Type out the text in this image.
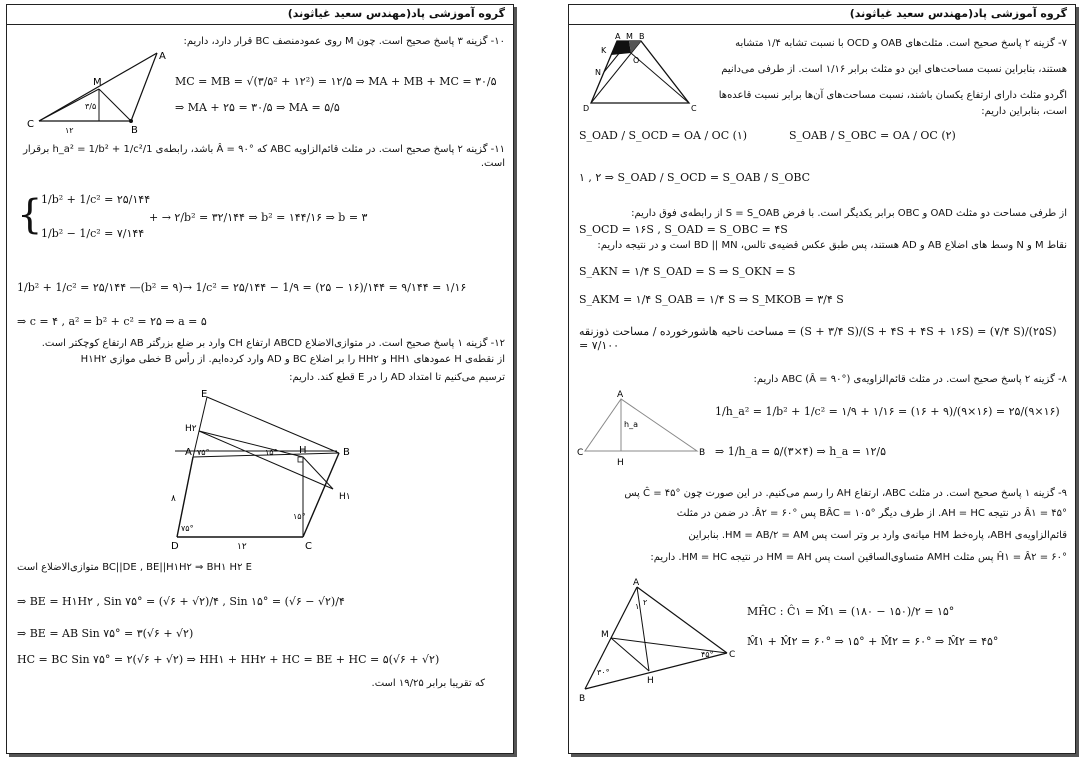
گروه آموزشی پاد(مهندس سعید غیاثوند)
۱۰- گزینه ۳ پاسخ صحیح است. چون M روی عمودمنصف BC قرار دارد، داریم:
A
M
C
B
۳/۵
۱۲
MC = MB = √(۳/۵² + ۱۲²) = ۱۲/۵ ⇒ MA + MB + MC = ۳۰/۵
⇒ MA + ۲۵ = ۳۰/۵ ⇒ MA = ۵/۵
۱۱- گزینه ۲ پاسخ صحیح است. در مثلث قائم‌الزاویه ABC که Â = ۹۰° باشد، رابطه‌ی 1/h_a² = 1/b² + 1/c² برقرار است.
{
1/b² + 1/c² = ۲۵/۱۴۴
1/b² − 1/c² = ۷/۱۴۴
+ → ۲/b² = ۳۲/۱۴۴ ⇒ b² = ۱۴۴/۱۶ ⇒ b = ۳
1/b² + 1/c² = ۲۵/۱۴۴ —(b² = ۹)→ 1/c² = ۲۵/۱۴۴ − 1/۹ = (۲۵ − ۱۶)/۱۴۴ = ۹/۱۴۴ = ۱/۱۶
⇒ c = ۴ , a² = b² + c² = ۲۵ ⇒ a = ۵
۱۲- گزینه ۱ پاسخ صحیح است. در متوازی‌الاضلاع ABCD ارتفاع CH وارد بر ضلع بزرگتر AB ارتفاع کوچکتر است.
از نقطه‌ی H عمودهای HH۱ و HH۲ را بر اضلاع BC و AD وارد کرده‌ایم. از رأس B خطی موازی H۱H۲
ترسیم می‌کنیم تا امتداد AD را در E قطع کند. داریم:
E
H۲
A ۷۵°	۱۵° H	B
H۱
۸
۷۵°
۱۵°
D	C
۱۲
BC||DE , BE||H۱H۲ ⇒ BH۱ H۲ E متوازی‌الاضلاع است
⇒ BE = H۱H۲ , Sin ۷۵° = (√۶ + √۲)/۴ , Sin ۱۵° = (√۶ − √۲)/۴
⇒ BE = AB Sin ۷۵° = ۳(√۶ + √۲)
HC = BC Sin ۷۵° = ۲(√۶ + √۲) ⇒ HH۱ + HH۲ + HC = BE + HC = ۵(√۶ + √۲)
که تقریبا برابر ۱۹/۲۵ است.
گروه آموزشی پاد(مهندس سعید غیاثوند)
A M B
K
N
O
D	C
۷- گزینه ۲ پاسخ صحیح است. مثلث‌های OAB و OCD با نسبت تشابه ۱/۴ متشابه
هستند، بنابراین نسبت مساحت‌های این دو مثلث برابر ۱/۱۶ است. از طرفی می‌دانیم
اگردو مثلث دارای ارتفاع یکسان باشند، نسبت مساحت‌های آن‌ها برابر نسبت قاعده‌ها
است، بنابراین داریم:
S_OAD / S_OCD = OA / OC (۱)	S_OAB / S_OBC = OA / OC (۲)
۱ , ۲ ⇒ S_OAD / S_OCD = S_OAB / S_OBC
از طرفی مساحت دو مثلث OAD و OBC برابر یکدیگر است. با فرض S = S_OAB از رابطه‌ی فوق داریم:
S_OCD = ۱۶S , S_OAD = S_OBC = ۴S
نقاط M و N وسط های اضلاع AB و AD هستند، پس طبق عکس قضیه‌ی تالس، BD || MN است و در نتیجه داریم:
S_AKN = ۱/۴ S_OAD = S ⇒ S_OKN = S
S_AKM = ۱/۴ S_OAB = ۱/۴ S ⇒ S_MKOB = ۳/۴ S
مساحت ناحیه هاشورخورده / مساحت ذوزنقه = (S + ۳/۴ S)/(S + ۴S + ۴S + ۱۶S) = (۷/۴ S)/(۲۵S) = ۷/۱۰۰
۸- گزینه ۲ پاسخ صحیح است. در مثلث قائم‌الزاویه‌ی ABC (Â = ۹۰°) داریم:
A
C	B
H
h_a
1/h_a² = 1/b² + 1/c² = ۱/۹ + ۱/۱۶ = (۱۶ + ۹)/(۹×۱۶) = ۲۵/(۹×۱۶)
⇒ 1/h_a = ۵/(۳×۴) ⇒ h_a = ۱۲/۵
۹- گزینه ۱ پاسخ صحیح است. در مثلث ABC، ارتفاع AH را رسم می‌کنیم. در این صورت چون Ĉ = ۴۵° پس
Â۱ = ۴۵° در نتیجه AH = HC. از طرف دیگر BÂC = ۱۰۵° پس Â۲ = ۶۰°. در ضمن در مثلث
قائم‌الزاویه‌ی ABH، پاره‌خط HM میانه‌ی وارد بر وتر است پس HM = AB/۲ = AM. بنابراین
Ĥ۱ = Â۲ = ۶۰° پس مثلث AMH متساوی‌الساقین است پس HM = AH در نتیجه HM = HC. داریم:
A
M
C
H
B
۳۰°
۴۵°
۱ ۲
MĤC : Ĉ۱ = M̂۱ = (۱۸۰ − ۱۵۰)/۲ = ۱۵°
M̂۱ + M̂۲ = ۶۰° ⇒ ۱۵° + M̂۲ = ۶۰° ⇒ M̂۲ = ۴۵°
